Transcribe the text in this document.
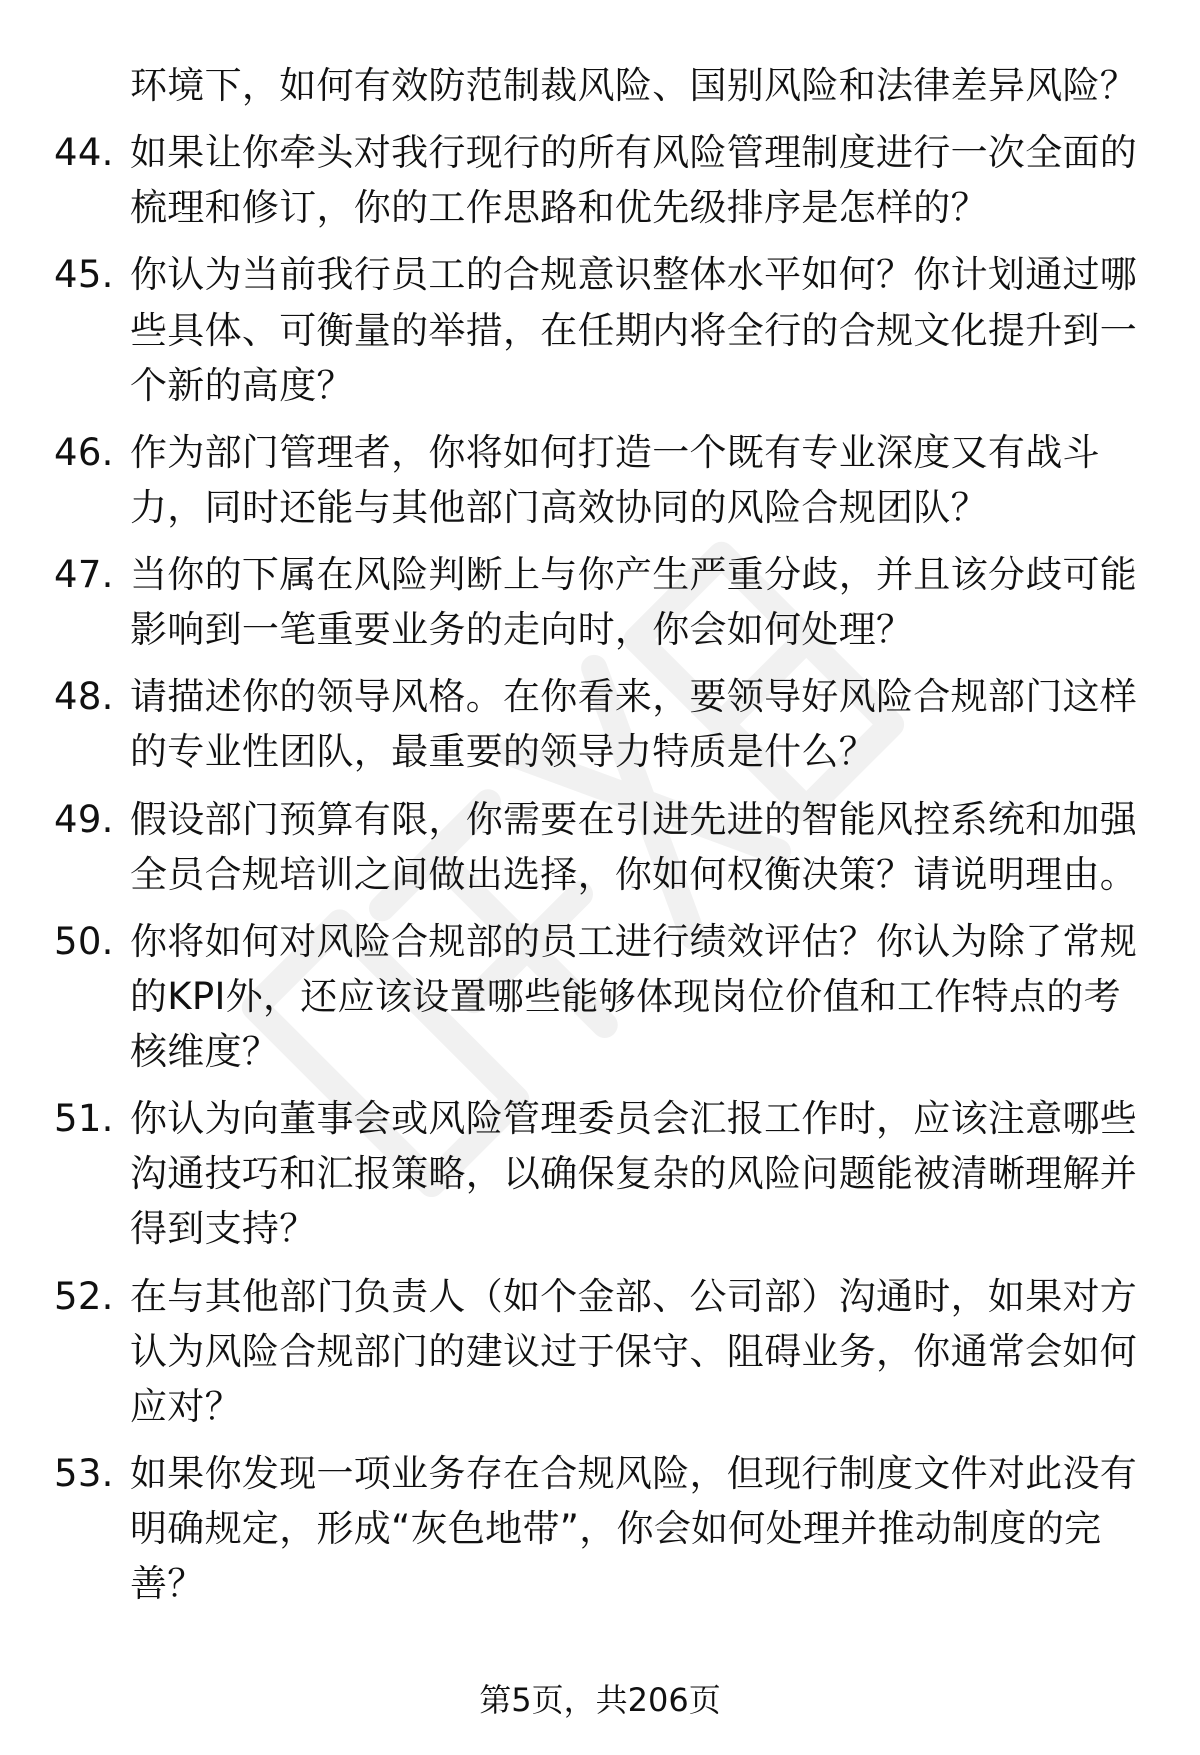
环境下，如何有效防范制裁风险、国别风险和法律差异风险？
44. 如果让你牵头对我行现行的所有风险管理制度进行一次全面的梳理和修订，你的工作思路和优先级排序是怎样的？
45. 你认为当前我行员工的合规意识整体水平如何？你计划通过哪些具体、可衡量的举措，在任期内将全行的合规文化提升到一个新的高度？
46. 作为部门管理者，你将如何打造一个既有专业深度又有战斗力，同时还能与其他部门高效协同的风险合规团队？
47. 当你的下属在风险判断上与你产生严重分歧，并且该分歧可能影响到一笔重要业务的走向时，你会如何处理？
48. 请描述你的领导风格。在你看来，要领导好风险合规部门这样的专业性团队，最重要的领导力特质是什么？
49. 假设部门预算有限，你需要在引进先进的智能风控系统和加强全员合规培训之间做出选择，你如何权衡决策？请说明理由。
50. 你将如何对风险合规部的员工进行绩效评估？你认为除了常规的KPI外，还应该设置哪些能够体现岗位价值和工作特点的考核维度？
51. 你认为向董事会或风险管理委员会汇报工作时，应该注意哪些沟通技巧和汇报策略，以确保复杂的风险问题能被清晰理解并得到支持？
52. 在与其他部门负责人（如个金部、公司部）沟通时，如果对方认为风险合规部门的建议过于保守、阻碍业务，你通常会如何应对？
53. 如果你发现一项业务存在合规风险，但现行制度文件对此没有明确规定，形成“灰色地带”，你会如何处理并推动制度的完善？
第5页，共206页
